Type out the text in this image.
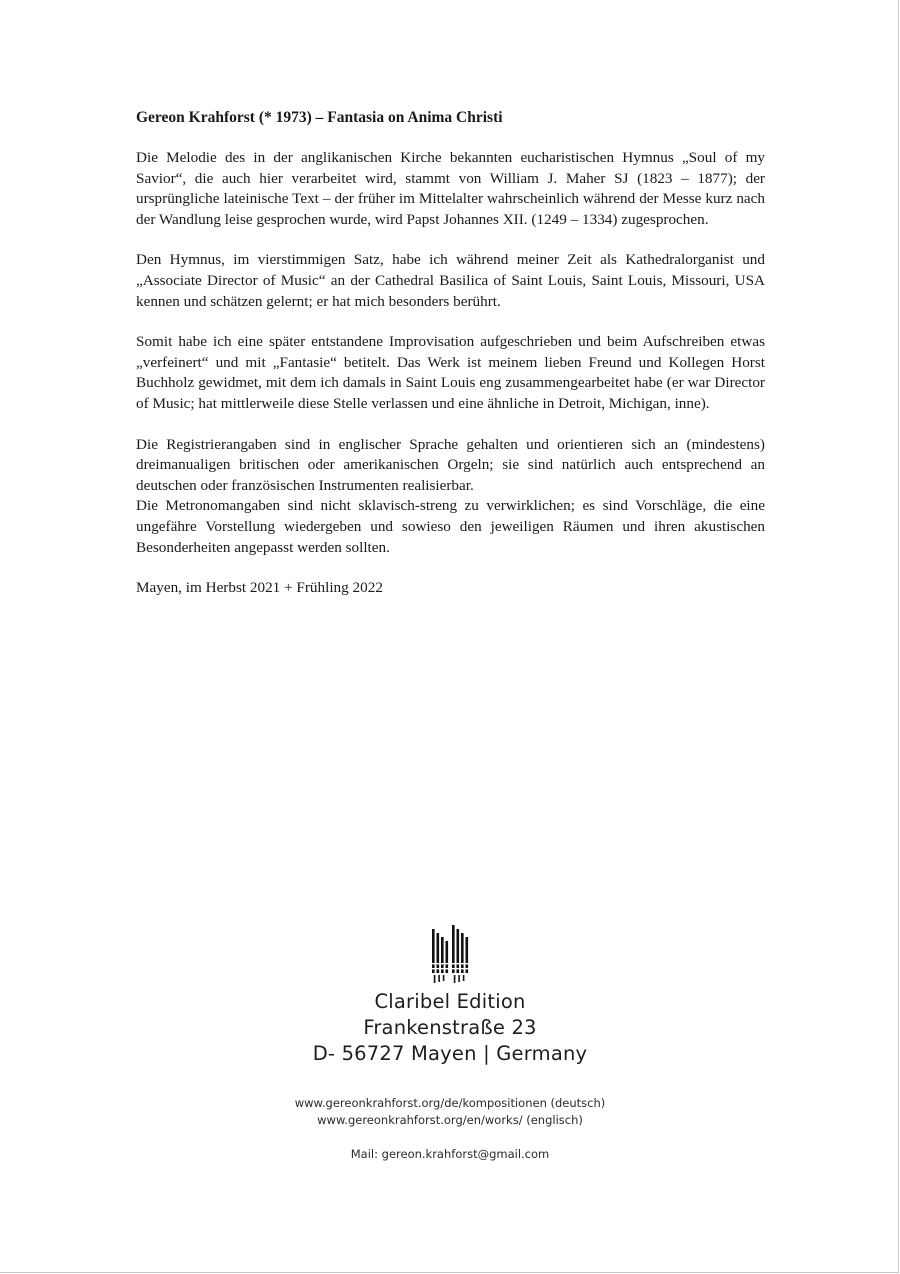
Gereon Krahforst (* 1973) – Fantasia on Anima Christi

Die Melodie des in der anglikanischen Kirche bekannten eucharistischen Hymnus „Soul of my Savior“, die auch hier verarbeitet wird, stammt von William J. Maher SJ (1823 – 1877); der ursprüngliche lateinische Text – der früher im Mittelalter wahrscheinlich während der Messe kurz nach der Wandlung leise gesprochen wurde, wird Papst Johannes XII. (1249 – 1334) zugesprochen.

Den Hymnus, im vierstimmigen Satz, habe ich während meiner Zeit als Kathedralorganist und „Associate Director of Music“ an der Cathedral Basilica of Saint Louis, Saint Louis, Missouri, USA kennen und schätzen gelernt; er hat mich besonders berührt.

Somit habe ich eine später entstandene Improvisation aufgeschrieben und beim Aufschreiben etwas „verfeinert“ und mit „Fantasie“ betitelt. Das Werk ist meinem lieben Freund und Kollegen Horst Buchholz gewidmet, mit dem ich damals in Saint Louis eng zusammengearbeitet habe (er war Director of Music; hat mittlerweile diese Stelle verlassen und eine ähnliche in Detroit, Michigan, inne).

Die Registrierangaben sind in englischer Sprache gehalten und orientieren sich an (mindestens) dreimanualigen britischen oder amerikanischen Orgeln; sie sind natürlich auch entsprechend an deutschen oder französischen Instrumenten realisierbar.

Die Metronomangaben sind nicht sklavisch-streng zu verwirklichen; es sind Vorschläge, die eine ungefähre Vorstellung wiedergeben und sowieso den jeweiligen Räumen und ihren akustischen Besonderheiten angepasst werden sollten.

Mayen, im Herbst 2021 + Frühling 2022

Claribel Edition
Frankenstraße 23
D- 56727 Mayen | Germany
www.gereonkrahforst.org/de/kompositionen (deutsch)
www.gereonkrahforst.org/en/works/ (englisch)
Mail: gereon.krahforst@gmail.com
